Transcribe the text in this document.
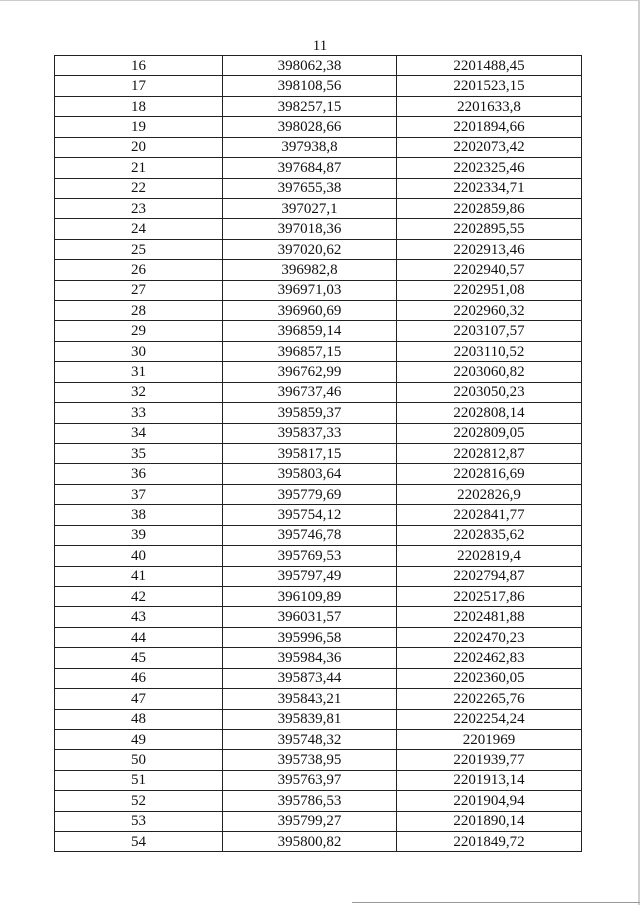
11
16	398062,38	2201488,45
17	398108,56	2201523,15
18	398257,15	2201633,8
19	398028,66	2201894,66
20	397938,8	2202073,42
21	397684,87	2202325,46
22	397655,38	2202334,71
23	397027,1	2202859,86
24	397018,36	2202895,55
25	397020,62	2202913,46
26	396982,8	2202940,57
27	396971,03	2202951,08
28	396960,69	2202960,32
29	396859,14	2203107,57
30	396857,15	2203110,52
31	396762,99	2203060,82
32	396737,46	2203050,23
33	395859,37	2202808,14
34	395837,33	2202809,05
35	395817,15	2202812,87
36	395803,64	2202816,69
37	395779,69	2202826,9
38	395754,12	2202841,77
39	395746,78	2202835,62
40	395769,53	2202819,4
41	395797,49	2202794,87
42	396109,89	2202517,86
43	396031,57	2202481,88
44	395996,58	2202470,23
45	395984,36	2202462,83
46	395873,44	2202360,05
47	395843,21	2202265,76
48	395839,81	2202254,24
49	395748,32	2201969
50	395738,95	2201939,77
51	395763,97	2201913,14
52	395786,53	2201904,94
53	395799,27	2201890,14
54	395800,82	2201849,72
